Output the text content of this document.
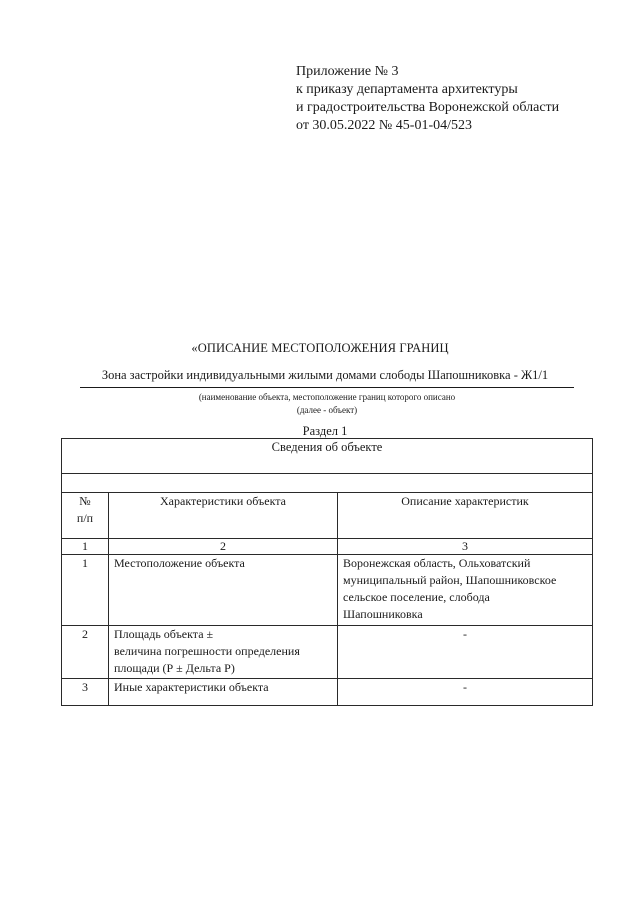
Приложение № 3
к приказу департамента архитектуры
и градостроительства Воронежской области
от 30.05.2022 № 45-01-04/523
«ОПИСАНИЕ МЕСТОПОЛОЖЕНИЯ ГРАНИЦ
Зона застройки индивидуальными жилыми домами слободы Шапошниковка - Ж1/1
(наименование объекта, местоположение границ которого описано
(далее - объект)
Раздел 1
Сведения об объекте		

№
п/п	Характеристики объекта	Описание характеристик
1	2	3
1	Местоположение объекта	Воронежская область, Ольховатский
муниципальный район, Шапошниковское
сельское поселение, слобода
Шапошниковка

2	Площадь объекта ±
величина погрешности определения
площади (Р ± Дельта Р)	-
3	Иные характеристики объекта	-
